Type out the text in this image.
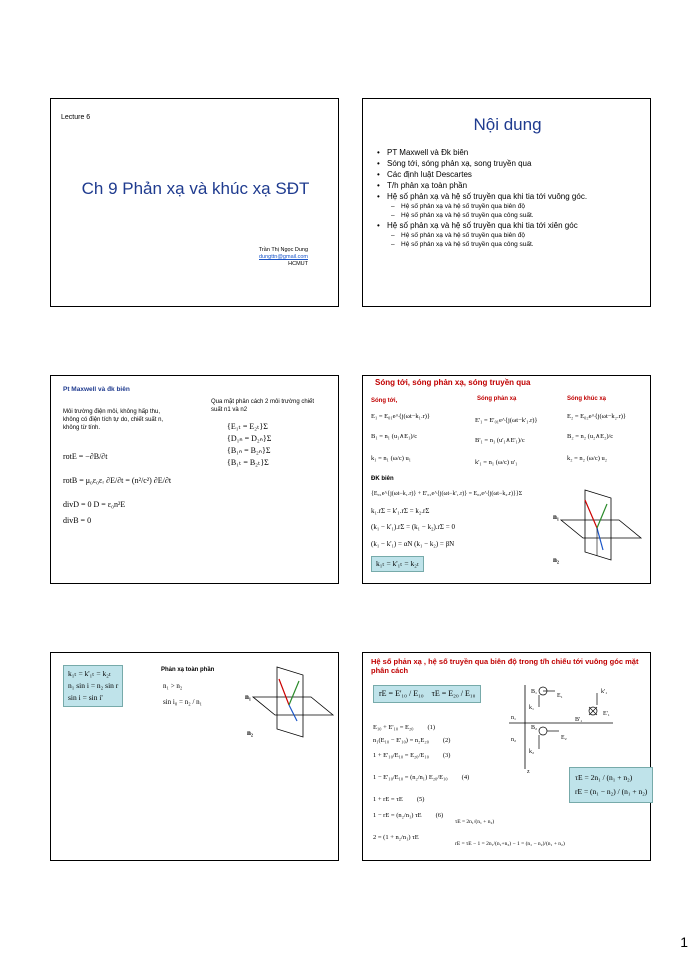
Lecture 6
Ch 9 Phản xạ và khúc xạ SĐT
Trần Thị Ngọc Dung
dungttn@gmail.com
HCMUT
Nội dung
• PT Maxwell và Đk biên
• Sóng tới, sóng phản xạ, song truyền qua
• Các định luật Descartes
• T/h phản xạ toàn phần
• Hệ số phản xạ và hệ số truyền qua khi tia tới vuông góc.
– Hệ số phản xạ và hệ số truyền qua biên độ
– Hệ số phản xạ và hệ số truyền qua công suất.
• Hệ số phản xạ và hệ số truyền qua khi tia tới xiên góc
– Hệ số phản xạ và hệ số truyền qua biên độ
– Hệ số phản xạ và hệ số truyền qua công suất.
Pt Maxwell và đk biên
Môi trường điện môi, không hấp thu, không có điện tích tự do, chiết suất n, không từ tính.
rotE = −∂B/∂t
rotB = μ₀ε₀εᵣ ∂E/∂t = (n²/c²) ∂E/∂t
divD = 0 D = ε₀n²E
divB = 0
Qua mặt phân cách 2 môi trường chiết suất n1 và n2
{E₁ₜ = E₂ₜ}Σ
{D₁ₙ = D₂ₙ}Σ
{B₁ₙ = B₂ₙ}Σ
{B₁ₜ = B₂ₜ}Σ
Sóng tới, sóng phản xạ, sóng truyền qua
Sóng tới,	Sóng phản xạ	Sóng khúc xạ
E₁ = E₀₁e^{j(ωt−k₁.r)}
B₁ = n₁ (u₁∧E₁)/c
k₁ = n₁ (ω/c) u₁
E'₁ = E'₀₁e^{j(ωt−k'₁.r)}
B'₁ = n₁ (u'₁∧E'₁)/c
k'₁ = n₁ (ω/c) u'₁
E₂ = E₀₂e^{j(ωt−k₂.r)}
B₂ = n₂ (u₂∧E₂)/c
k₂ = n₂ (ω/c) u₂
ĐK biên
{E₀₁e^{j(ωt−k₁.r)} + E'₀₁e^{j(ωt−k'₁.r)} = E₀₂e^{j(ωt−k₂.r)}}Σ
k₁.rΣ = k'₁.rΣ = k₂.rΣ
(k₁ − k'₁).rΣ = (k₁ − k₂).rΣ = 0
(k₁ − k'₁) = αN (k₁ − k₂) = βN
k₁ₜ = k'₁ₜ = k₂ₜ
n₁
n₂
k₁ₜ = k'₁ₜ = k₂ₜ
n₁ sin i = n₂ sin r
sin i = sin i'
Phản xạ toàn phần
n₁ > n₂
sin i₀ = n₂ / n₁
n₁
n₂
Hệ số phản xạ , hệ số truyền qua biên độ trong t/h chiếu tới vuông góc mặt phân cách
rE = E'₁₀ / E₁₀ τE = E₂₀ / E₁₀
E₁₀ + E'₁₀ = E₂₀ (1)
n₁(E₁₀ − E'₁₀) = n₂E₂₀ (2)
1 + E'₁₀/E₁₀ = E₂₀/E₁₀ (3)
1 − E'₁₀/E₁₀ = (n₂/n₁) E₂₀/E₁₀ (4)
1 + rE = τE (5)
1 − rE = (n₂/n₁) τE (6)
2 = (1 + n₂/n₁) τE
τE = 2n₁/(n₁ + n₂)
rE = τE − 1 = 2n₁/(n₁+n₂) − 1 = (n₁ − n₂)/(n₁ + n₂)
τE = 2n₁ / (n₁ + n₂)
rE = (n₁ − n₂) / (n₁ + n₂)
B₁
E₁
k₁
k'₁
B'₁
E'₁
B₂
E₂
k₂
n₁
n₂
z
1
